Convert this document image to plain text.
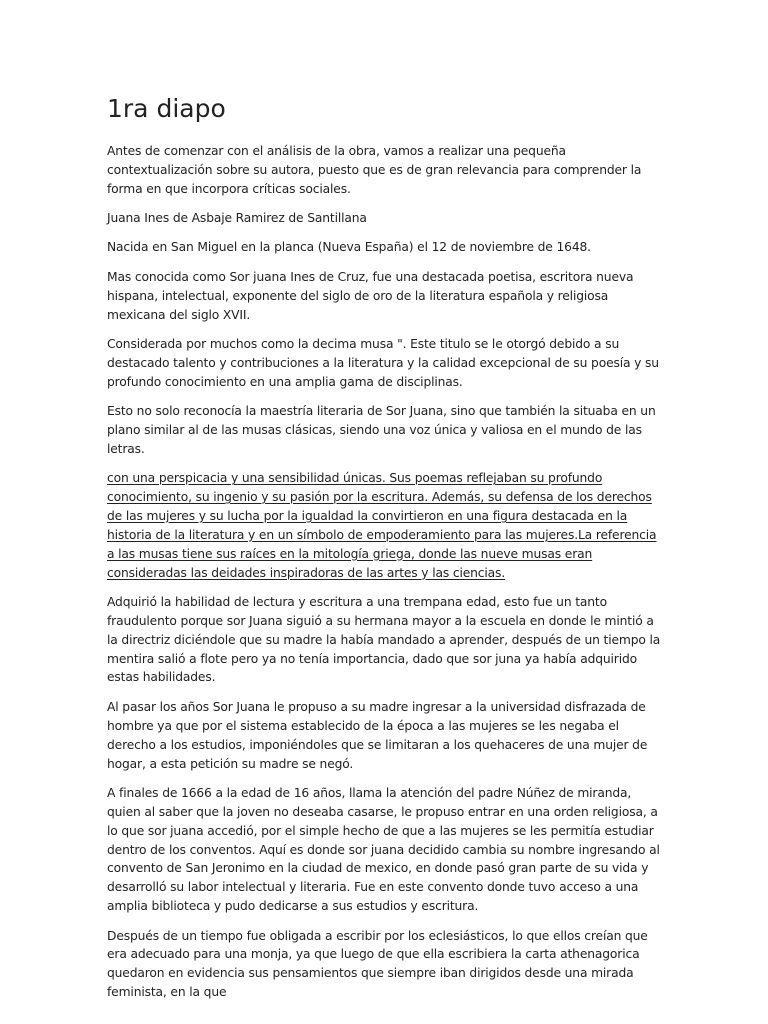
1ra diapo

Antes de comenzar con el análisis de la obra, vamos a realizar una pequeña contextualización sobre su autora, puesto que es de gran relevancia para comprender la forma en que incorpora críticas sociales.

Juana Ines de Asbaje Ramirez de Santillana

Nacida en San Miguel en la planca (Nueva España) el 12 de noviembre de 1648.

Mas conocida como Sor juana Ines de Cruz, fue una destacada poetisa, escritora nueva hispana, intelectual, exponente del siglo de oro de la literatura española y religiosa mexicana del siglo XVII.

Considerada por muchos como la decima musa ". Este titulo se le otorgó debido a su destacado talento y contribuciones a la literatura y la calidad excepcional de su poesía y su profundo conocimiento en una amplia gama de disciplinas.

Esto no solo reconocía la maestría literaria de Sor Juana, sino que también la situaba en un plano similar al de las musas clásicas, siendo una voz única y valiosa en el mundo de las letras.

con una perspicacia y una sensibilidad únicas. Sus poemas reflejaban su profundo conocimiento, su ingenio y su pasión por la escritura. Además, su defensa de los derechos de las mujeres y su lucha por la igualdad la convirtieron en una figura destacada en la historia de la literatura y en un símbolo de empoderamiento para las mujeres.La referencia a las musas tiene sus raíces en la mitología griega, donde las nueve musas eran consideradas las deidades inspiradoras de las artes y las ciencias.

Adquirió la habilidad de lectura y escritura a una trempana edad, esto fue un tanto fraudulento porque sor Juana siguió a su hermana mayor a la escuela en donde le mintió a la directriz diciéndole que su madre la había mandado a aprender, después de un tiempo la mentira salió a flote pero ya no tenía importancia, dado que sor juna ya había adquirido estas habilidades.

Al pasar los años Sor Juana le propuso a su madre ingresar a la universidad disfrazada de hombre ya que por el sistema establecido de la época a las mujeres se les negaba el derecho a los estudios, imponiéndoles que se limitaran a los quehaceres de una mujer de hogar, a esta petición su madre se negó.

A finales de 1666 a la edad de 16 años, llama la atención del padre Núñez de miranda, quien al saber que la joven no deseaba casarse, le propuso entrar en una orden religiosa, a lo que sor juana accedió, por el simple hecho de que a las mujeres se les permitía estudiar dentro de los conventos. Aquí es donde sor juana decidido cambia su nombre ingresando al convento de San Jeronimo en la ciudad de mexico, en donde pasó gran parte de su vida y desarrolló su labor intelectual y literaria. Fue en este convento donde tuvo acceso a una amplia biblioteca y pudo dedicarse a sus estudios y escritura.

Después de un tiempo fue obligada a escribir por los eclesiásticos, lo que ellos creían que era adecuado para una monja, ya que luego de que ella escribiera la carta athenagorica quedaron en evidencia sus pensamientos que siempre iban dirigidos desde una mirada feminista, en la que
